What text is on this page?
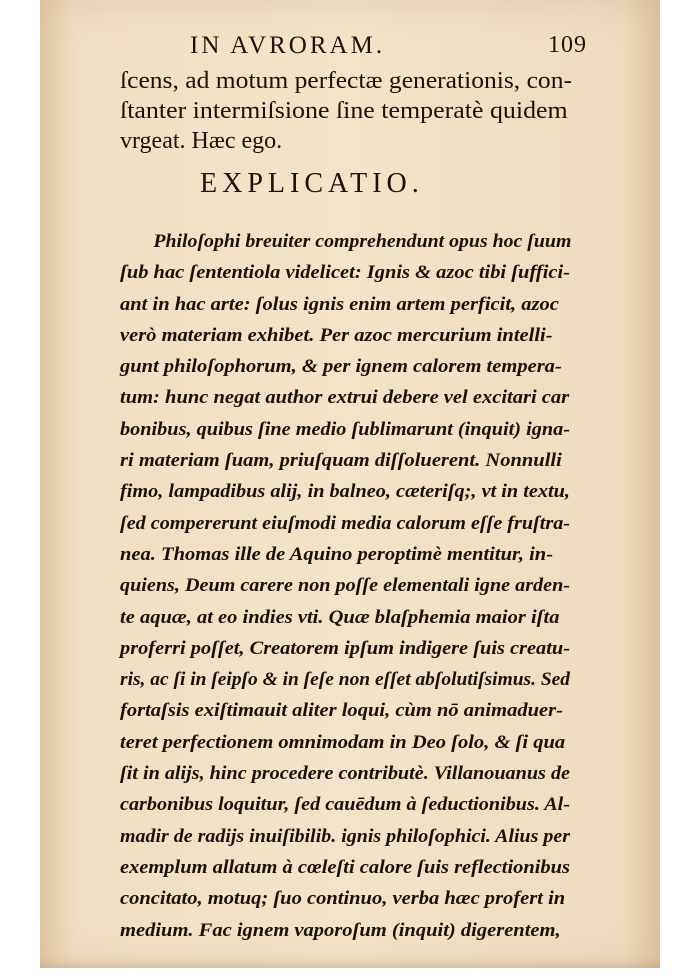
IN AVRORAM.	109
ſcens, ad motum perfectæ generationis, con-
ſtanter intermiſsione ſine temperatè quidem
vrgeat. Hæc ego.
EXPLICATIO.
Philoſophi breuiter comprehendunt opus hoc ſuum
ſub hac ſententiola videlicet: Ignis & azoc tibi ſuffici-
ant in hac arte: ſolus ignis enim artem perficit, azoc
verò materiam exhibet. Per azoc mercurium intelli-
gunt philoſophorum, & per ignem calorem tempera-
tum: hunc negat author extrui debere vel excitari car
bonibus, quibus ſine medio ſublimarunt (inquit) igna-
ri materiam ſuam, priuſquam diſſoluerent. Nonnulli
fimo, lampadibus alij, in balneo, cæteriſq;, vt in textu,
ſed compererunt eiuſmodi media calorum eſſe fruſtra-
nea. Thomas ille de Aquino peroptimè mentitur, in-
quiens, Deum carere non poſſe elementali igne arden-
te aquæ, at eo indies vti. Quæ blaſphemia maior iſta
proferri poſſet, Creatorem ipſum indigere ſuis creatu-
ris, ac ſi in ſeipſo & in ſeſe non eſſet abſolutiſsimus. Sed
fortaſsis exiſtimauit aliter loqui, cùm nō animaduer-
teret perfectionem omnimodam in Deo ſolo, & ſi qua
ſit in alijs, hinc procedere contributè. Villanouanus de
carbonibus loquitur, ſed cauēdum à ſeductionibus. Al-
madir de radijs inuiſibilib. ignis philoſophici. Alius per
exemplum allatum à cœleſti calore ſuis reflectionibus
concitato, motuq; ſuo continuo, verba hæc profert in
medium. Fac ignem vaporoſum (inquit) digerentem,
